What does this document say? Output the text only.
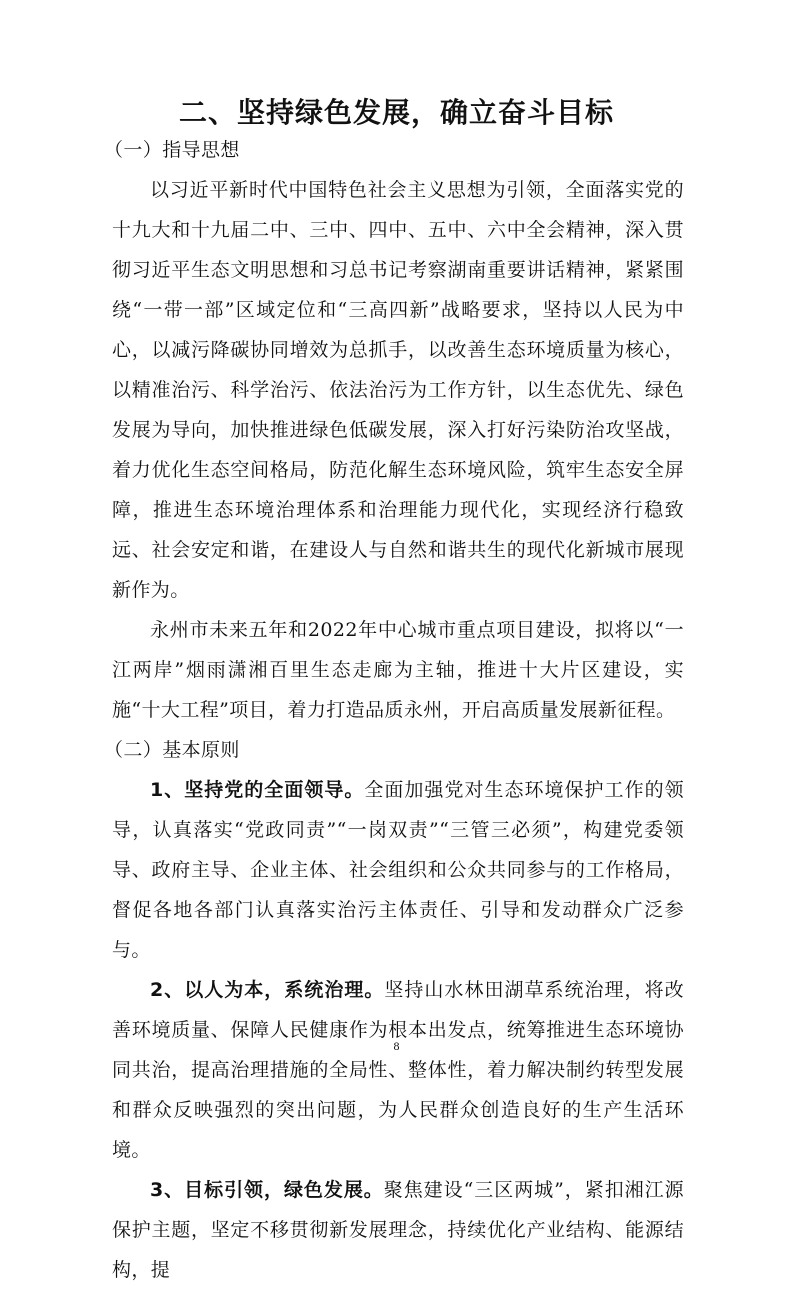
二、坚持绿色发展，确立奋斗目标

（一）指导思想

以习近平新时代中国特色社会主义思想为引领，全面落实党的十九大和十九届二中、三中、四中、五中、六中全会精神，深入贯彻习近平生态文明思想和习总书记考察湖南重要讲话精神，紧紧围绕“一带一部”区域定位和“三高四新”战略要求，坚持以人民为中心，以减污降碳协同增效为总抓手，以改善生态环境质量为核心，以精准治污、科学治污、依法治污为工作方针，以生态优先、绿色发展为导向，加快推进绿色低碳发展，深入打好污染防治攻坚战，着力优化生态空间格局，防范化解生态环境风险，筑牢生态安全屏障，推进生态环境治理体系和治理能力现代化，实现经济行稳致远、社会安定和谐，在建设人与自然和谐共生的现代化新城市展现新作为。

永州市未来五年和2022年中心城市重点项目建设，拟将以“一江两岸”烟雨潇湘百里生态走廊为主轴，推进十大片区建设，实施“十大工程”项目，着力打造品质永州，开启高质量发展新征程。

（二）基本原则

1、坚持党的全面领导。全面加强党对生态环境保护工作的领导，认真落实“党政同责”“一岗双责”“三管三必须”，构建党委领导、政府主导、企业主体、社会组织和公众共同参与的工作格局，督促各地各部门认真落实治污主体责任、引导和发动群众广泛参与。

2、以人为本，系统治理。坚持山水林田湖草系统治理，将改善环境质量、保障人民健康作为根本出发点，统筹推进生态环境协同共治，提高治理措施的全局性、整体性，着力解决制约转型发展和群众反映强烈的突出问题，为人民群众创造良好的生产生活环境。

3、目标引领，绿色发展。聚焦建设“三区两城”，紧扣湘江源保护主题，坚定不移贯彻新发展理念，持续优化产业结构、能源结构，提

8
